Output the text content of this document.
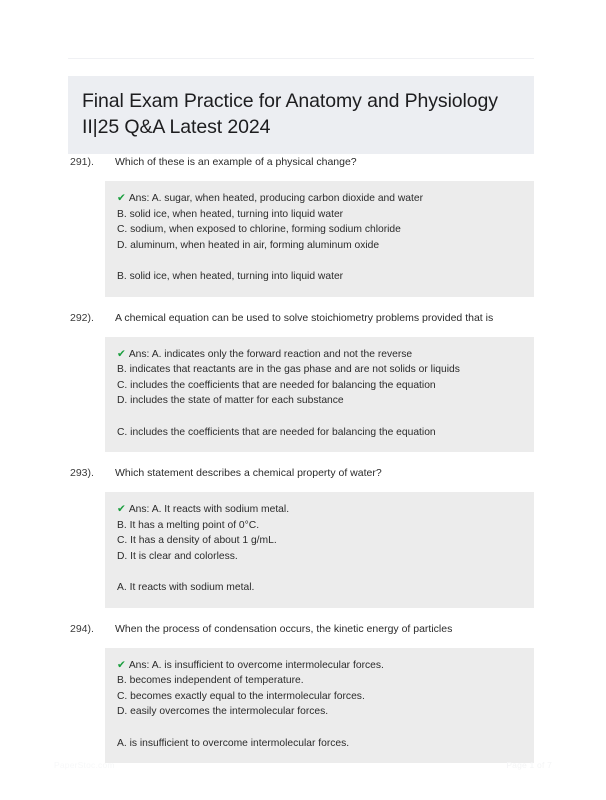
Final Exam Practice for Anatomy and Physiology II|25 Q&A Latest 2024
291).	Which of these is an example of a physical change?
✔ Ans: A. sugar, when heated, producing carbon dioxide and water
B. solid ice, when heated, turning into liquid water
C. sodium, when exposed to chlorine, forming sodium chloride
D. aluminum, when heated in air, forming aluminum oxide
B. solid ice, when heated, turning into liquid water
292).	A chemical equation can be used to solve stoichiometry problems provided that is
✔ Ans: A. indicates only the forward reaction and not the reverse
B. indicates that reactants are in the gas phase and are not solids or liquids
C. includes the coefficients that are needed for balancing the equation
D. includes the state of matter for each substance
C. includes the coefficients that are needed for balancing the equation
293).	Which statement describes a chemical property of water?
✔ Ans: A. It reacts with sodium metal.
B. It has a melting point of 0°C.
C. It has a density of about 1 g/mL.
D. It is clear and colorless.
A. It reacts with sodium metal.
294).	When the process of condensation occurs, the kinetic energy of particles
✔ Ans: A. is insufficient to overcome intermolecular forces.
B. becomes independent of temperature.
C. becomes exactly equal to the intermolecular forces.
D. easily overcomes the intermolecular forces.
A. is insufficient to overcome intermolecular forces.
PaperStoc.com	Page 1 of 7
